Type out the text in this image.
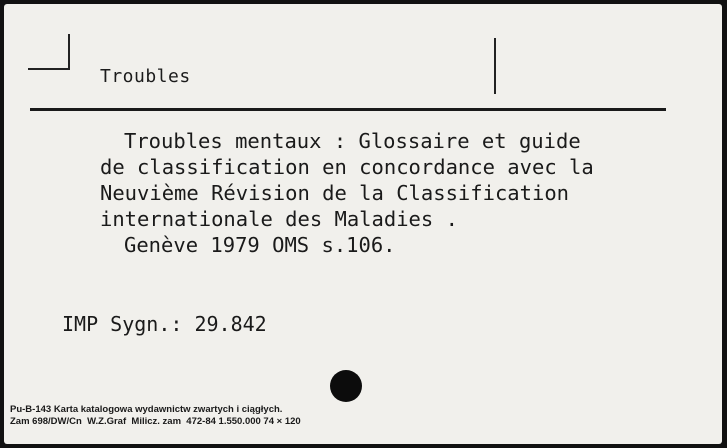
Troubles
Troubles mentaux : Glossaire et guide
de classification en concordance avec la
Neuvième Révision de la Classification
internationale des Maladies .
Genève 1979 OMS s.106.
IMP Sygn.: 29.842
Pu-B-143 Karta katalogowa wydawnictw zwartych i ciągłych.
Zam 698/DW/Cn  W.Z.Graf  Milicz. zam  472-84 1.550.000 74 × 120
